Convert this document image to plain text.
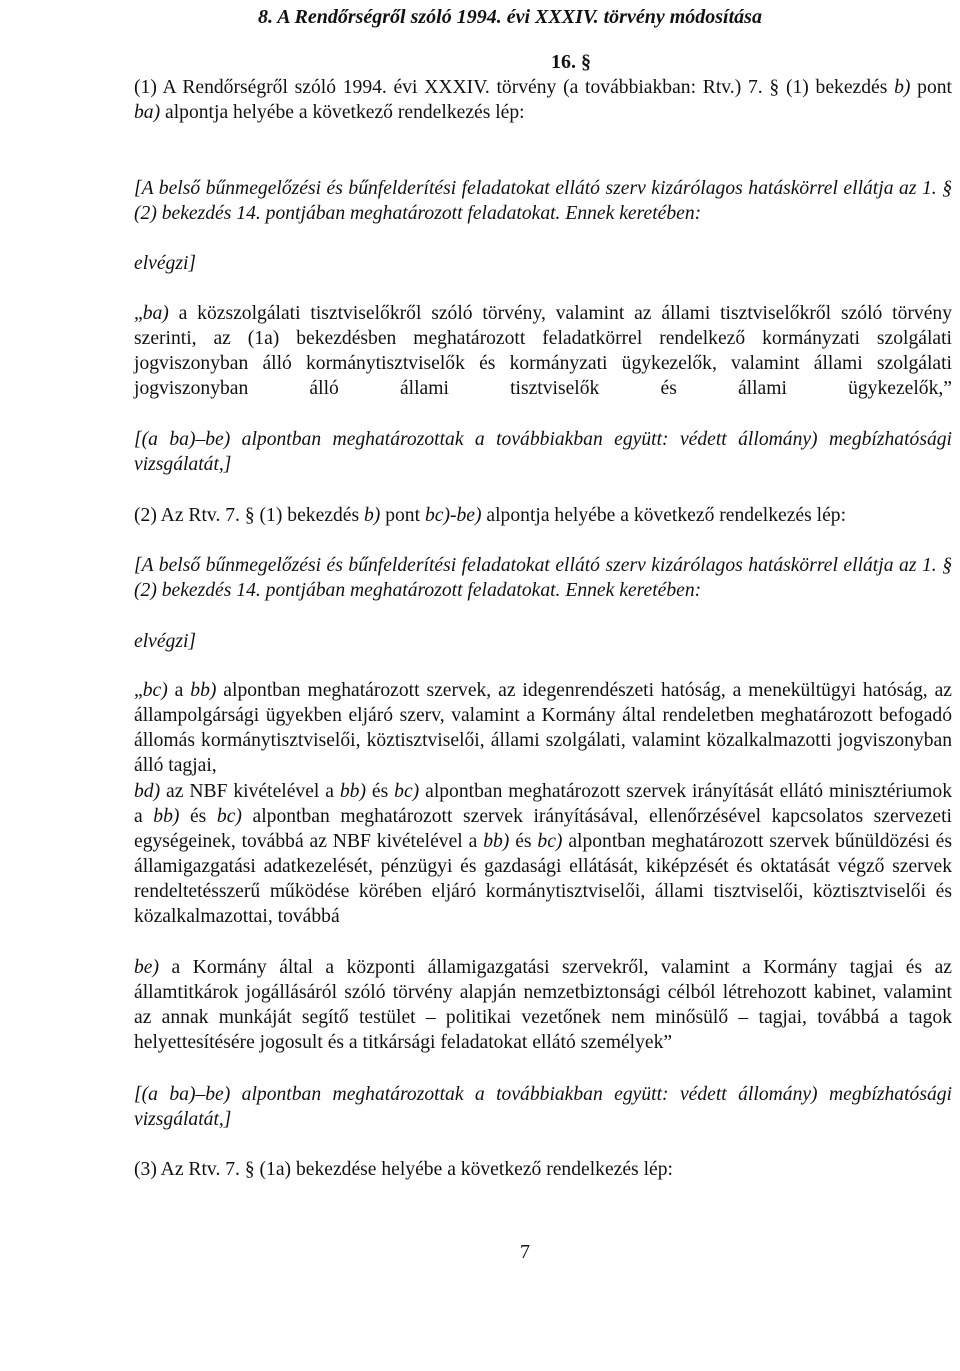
8. A Rendőrségről szóló 1994. évi XXXIV. törvény módosítása
16. §

(1) A Rendőrségről szóló 1994. évi XXXIV. törvény (a továbbiakban: Rtv.) 7. § (1) bekezdés b) pont ba) alpontja helyébe a következő rendelkezés lép:

[A belső bűnmegelőzési és bűnfelderítési feladatokat ellátó szerv kizárólagos hatáskörrel ellátja az 1. § (2) bekezdés 14. pontjában meghatározott feladatokat. Ennek keretében:

elvégzi]

„ba) a közszolgálati tisztviselőkről szóló törvény, valamint az állami tisztviselőkről szóló törvény szerinti, az (1a) bekezdésben meghatározott feladatkörrel rendelkező kormányzati szolgálati jogviszonyban álló kormánytisztviselők és kormányzati ügykezelők, valamint állami szolgálati jogviszonyban álló állami tisztviselők és állami ügykezelők,”

[(a ba)–be) alpontban meghatározottak a továbbiakban együtt: védett állomány) megbízhatósági vizsgálatát,]

(2) Az Rtv. 7. § (1) bekezdés b) pont bc)-be) alpontja helyébe a következő rendelkezés lép:

[A belső bűnmegelőzési és bűnfelderítési feladatokat ellátó szerv kizárólagos hatáskörrel ellátja az 1. § (2) bekezdés 14. pontjában meghatározott feladatokat. Ennek keretében:

elvégzi]

„bc) a bb) alpontban meghatározott szervek, az idegenrendészeti hatóság, a menekültügyi hatóság, az állampolgársági ügyekben eljáró szerv, valamint a Kormány által rendeletben meghatározott befogadó állomás kormánytisztviselői, köztisztviselői, állami szolgálati, valamint közalkalmazotti jogviszonyban álló tagjai,

bd) az NBF kivételével a bb) és bc) alpontban meghatározott szervek irányítását ellátó minisztériumok a bb) és bc) alpontban meghatározott szervek irányításával, ellenőrzésével kapcsolatos szervezeti egységeinek, továbbá az NBF kivételével a bb) és bc) alpontban meghatározott szervek bűnüldözési és államigazgatási adatkezelését, pénzügyi és gazdasági ellátását, kiképzését és oktatását végző szervek rendeltetésszerű működése körében eljáró kormánytisztviselői, állami tisztviselői, köztisztviselői és közalkalmazottai, továbbá

be) a Kormány által a központi államigazgatási szervekről, valamint a Kormány tagjai és az államtitkárok jogállásáról szóló törvény alapján nemzetbiztonsági célból létrehozott kabinet, valamint az annak munkáját segítő testület – politikai vezetőnek nem minősülő – tagjai, továbbá a tagok helyettesítésére jogosult és a titkársági feladatokat ellátó személyek”

[(a ba)–be) alpontban meghatározottak a továbbiakban együtt: védett állomány) megbízhatósági vizsgálatát,]

(3) Az Rtv. 7. § (1a) bekezdése helyébe a következő rendelkezés lép:

7
